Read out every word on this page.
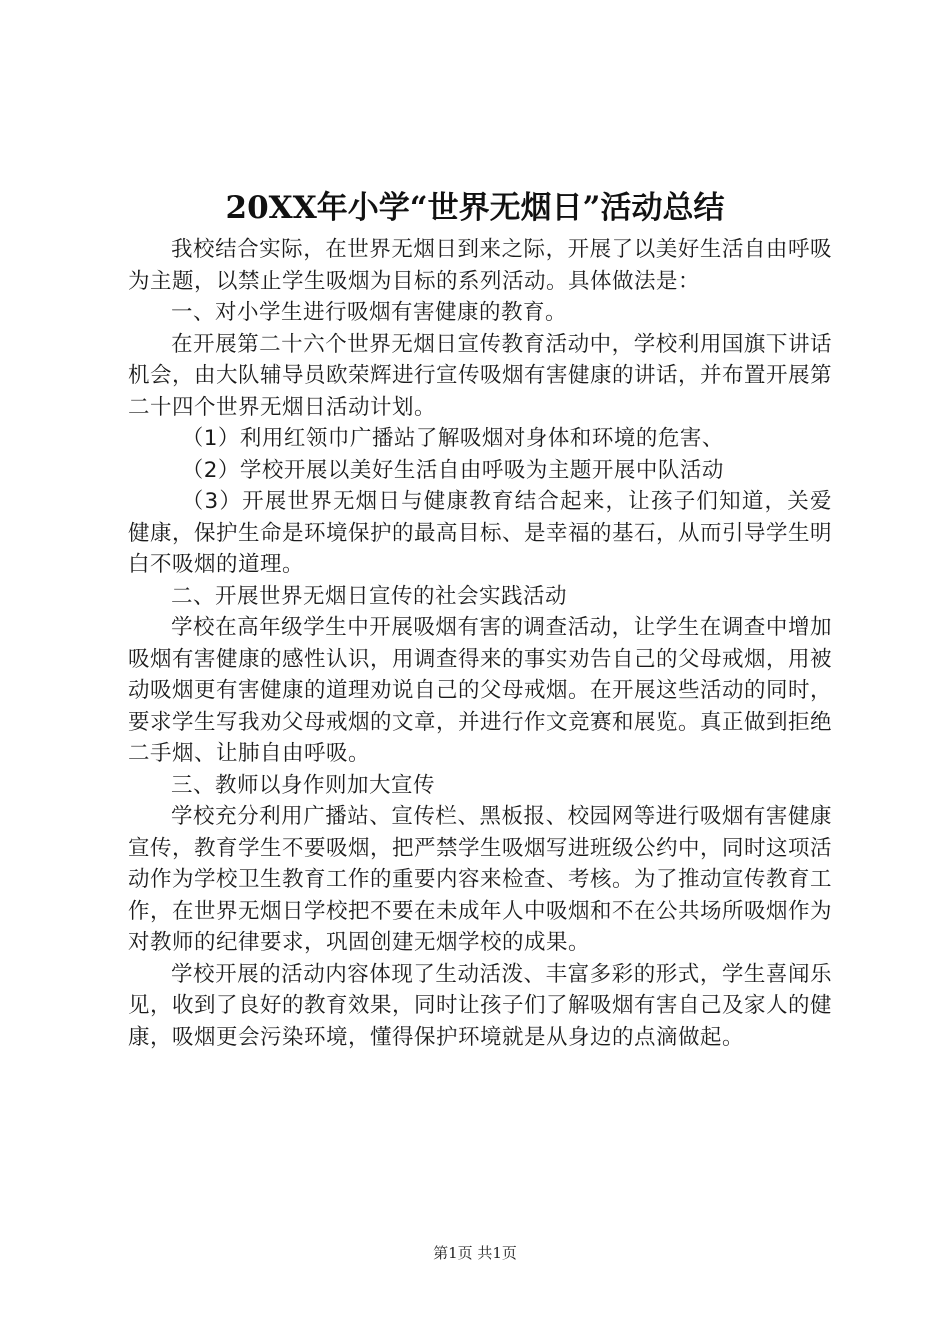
20XX年小学“世界无烟日”活动总结

我校结合实际，在世界无烟日到来之际，开展了以美好生活自由呼吸为主题，以禁止学生吸烟为目标的系列活动。具体做法是：

一、对小学生进行吸烟有害健康的教育。

在开展第二十六个世界无烟日宣传教育活动中，学校利用国旗下讲话机会，由大队辅导员欧荣辉进行宣传吸烟有害健康的讲话，并布置开展第二十四个世界无烟日活动计划。

（1）利用红领巾广播站了解吸烟对身体和环境的危害、

（2）学校开展以美好生活自由呼吸为主题开展中队活动

（3）开展世界无烟日与健康教育结合起来，让孩子们知道，关爱健康，保护生命是环境保护的最高目标、是幸福的基石，从而引导学生明白不吸烟的道理。

二、开展世界无烟日宣传的社会实践活动

学校在高年级学生中开展吸烟有害的调查活动，让学生在调查中增加吸烟有害健康的感性认识，用调查得来的事实劝告自己的父母戒烟，用被动吸烟更有害健康的道理劝说自己的父母戒烟。在开展这些活动的同时，要求学生写我劝父母戒烟的文章，并进行作文竞赛和展览。真正做到拒绝二手烟、让肺自由呼吸。

三、教师以身作则加大宣传

学校充分利用广播站、宣传栏、黑板报、校园网等进行吸烟有害健康宣传，教育学生不要吸烟，把严禁学生吸烟写进班级公约中，同时这项活动作为学校卫生教育工作的重要内容来检查、考核。为了推动宣传教育工作，在世界无烟日学校把不要在未成年人中吸烟和不在公共场所吸烟作为对教师的纪律要求，巩固创建无烟学校的成果。

学校开展的活动内容体现了生动活泼、丰富多彩的形式，学生喜闻乐见，收到了良好的教育效果，同时让孩子们了解吸烟有害自己及家人的健康，吸烟更会污染环境，懂得保护环境就是从身边的点滴做起。

第1页 共1页
